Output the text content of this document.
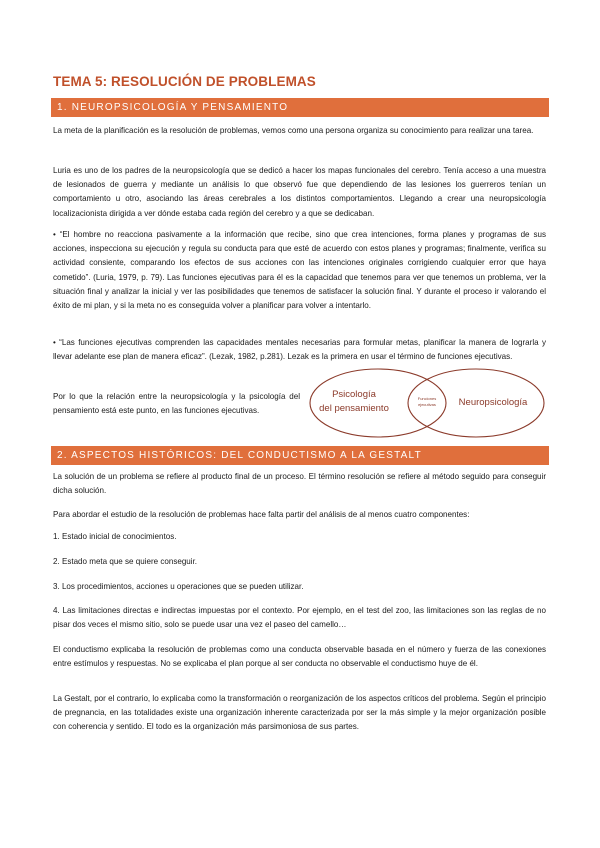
TEMA 5: RESOLUCIÓN DE PROBLEMAS
1. NEUROPSICOLOGÍA Y PENSAMIENTO

La meta de la planificación es la resolución de problemas, vemos como una persona organiza su conocimiento para realizar una tarea.

Luria es uno de los padres de la neuropsicología que se dedicó a hacer los mapas funcionales del cerebro. Tenía acceso a una muestra de lesionados de guerra y mediante un análisis lo que observó fue que dependiendo de las lesiones los guerreros tenían un comportamiento u otro, asociando las áreas cerebrales a los distintos comportamientos. Llegando a crear una neuropsicología localizacionista dirigida a ver dónde estaba cada región del cerebro y a que se dedicaban.

• “El hombre no reacciona pasivamente a la información que recibe, sino que crea intenciones, forma planes y programas de sus acciones, inspecciona su ejecución y regula su conducta para que esté de acuerdo con estos planes y programas; finalmente, verifica su actividad consiente, comparando los efectos de sus acciones con las intenciones originales corrigiendo cualquier error que haya cometido”. (Luria, 1979, p. 79). Las funciones ejecutivas para él es la capacidad que tenemos para ver que tenemos un problema, ver la situación final y analizar la inicial y ver las posibilidades que tenemos de satisfacer la solución final. Y durante el proceso ir valorando el éxito de mi plan, y si la meta no es conseguida volver a planificar para volver a intentarlo.

• “Las funciones ejecutivas comprenden las capacidades mentales necesarias para formular metas, planificar la manera de lograrla y llevar adelante ese plan de manera eficaz”. (Lezak, 1982, p.281). Lezak es la primera en usar el término de funciones ejecutivas.

Por lo que la relación entre la neuropsicología y la psicología del pensamiento está este punto, en las funciones ejecutivas.

Psicología
del pensamiento
Funciones
ejecutivas Neuropsicología
2. ASPECTOS HISTÓRICOS: DEL CONDUCTISMO A LA GESTALT

La solución de un problema se refiere al producto final de un proceso. El término resolución se refiere al método seguido para conseguir dicha solución.

Para abordar el estudio de la resolución de problemas hace falta partir del análisis de al menos cuatro componentes:

1. Estado inicial de conocimientos.

2. Estado meta que se quiere conseguir.

3. Los procedimientos, acciones u operaciones que se pueden utilizar.

4. Las limitaciones directas e indirectas impuestas por el contexto. Por ejemplo, en el test del zoo, las limitaciones son las reglas de no pisar dos veces el mismo sitio, solo se puede usar una vez el paseo del camello…

El conductismo explicaba la resolución de problemas como una conducta observable basada en el número y fuerza de las conexiones entre estímulos y respuestas. No se explicaba el plan porque al ser conducta no observable el conductismo huye de él.

La Gestalt, por el contrario, lo explicaba como la transformación o reorganización de los aspectos críticos del problema. Según el principio de pregnancia, en las totalidades existe una organización inherente caracterizada por ser la más simple y la mejor organización posible con coherencia y sentido. El todo es la organización más parsimoniosa de sus partes.
